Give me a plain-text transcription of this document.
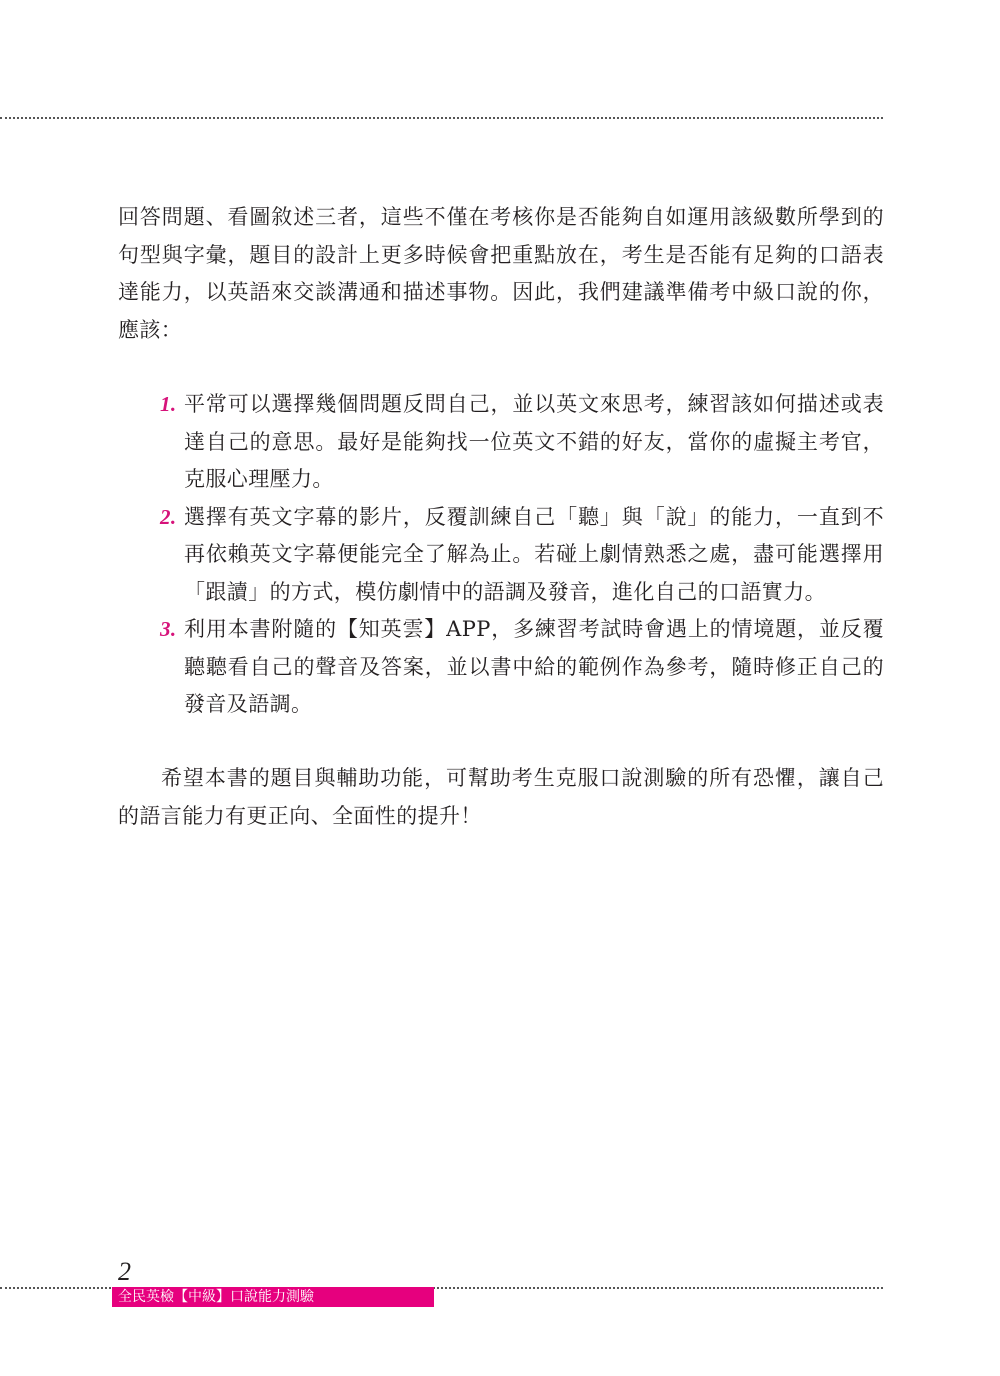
回答問題、看圖敘述三者，這些不僅在考核你是否能夠自如運用該級數所學到的句型與字彙，題目的設計上更多時候會把重點放在，考生是否能有足夠的口語表達能力，以英語來交談溝通和描述事物。因此，我們建議準備考中級口說的你，應該：

1. 平常可以選擇幾個問題反問自己，並以英文來思考，練習該如何描述或表達自己的意思。最好是能夠找一位英文不錯的好友，當你的虛擬主考官，克服心理壓力。
2. 選擇有英文字幕的影片，反覆訓練自己「聽」與「說」的能力，一直到不再依賴英文字幕便能完全了解為止。若碰上劇情熟悉之處，盡可能選擇用「跟讀」的方式，模仿劇情中的語調及發音，進化自己的口語實力。
3. 利用本書附隨的【知英雲】APP，多練習考試時會遇上的情境題，並反覆聽聽看自己的聲音及答案，並以書中給的範例作為參考，隨時修正自己的發音及語調。

希望本書的題目與輔助功能，可幫助考生克服口說測驗的所有恐懼，讓自己的語言能力有更正向、全面性的提升！

2
全民英檢【中級】口說能力測驗
